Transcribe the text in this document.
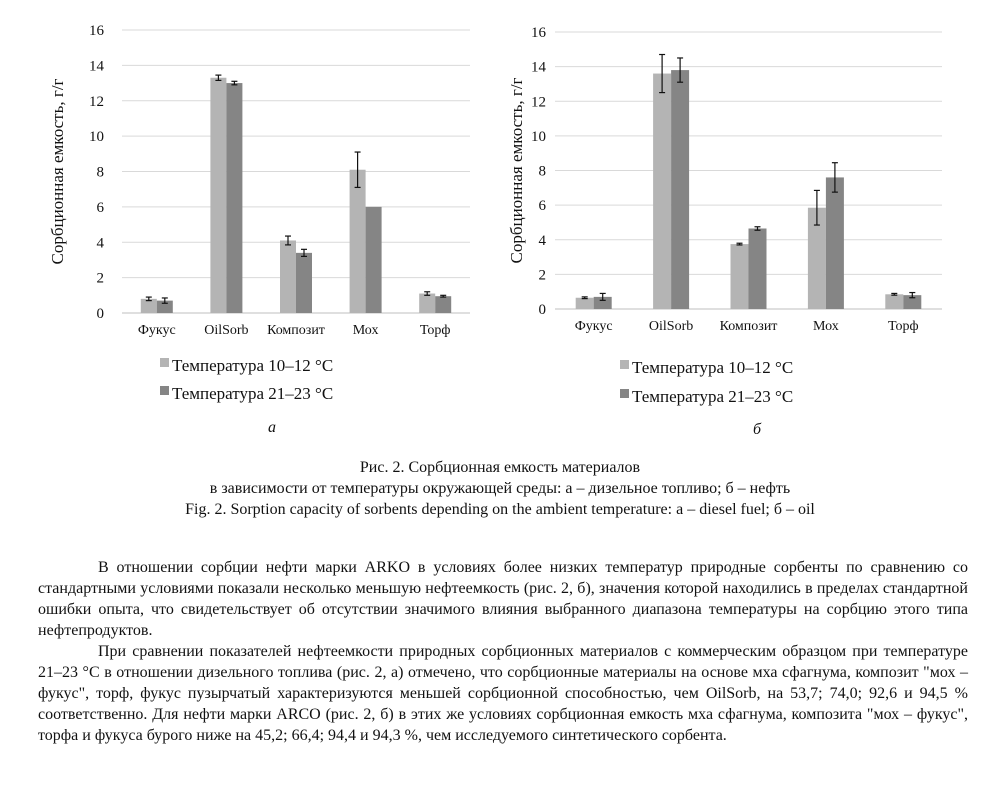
0
2
4
6
8
10
12
14
16
Сорбционная емкость, г/г
Фукус OilSorb Композит Мох	Торф
Температура 10–12 °С
Температура 21–23 °С
а
0
2
4
6
8
10
12
14
16
Сорбционная емкость, г/г
Фукус	OilSorb Композит	Мох	Торф
Температура 10–12 °С
Температура 21–23 °С
б
Рис. 2. Сорбционная емкость материалов
в зависимости от температуры окружающей среды: а – дизельное топливо; б – нефть
Fig. 2. Sorption capacity of sorbents depending on the ambient temperature: а – diesel fuel; б – oil

В отношении сорбции нефти марки ARKO в условиях более низких температур природные сорбенты по сравнению со стандартными условиями показали несколько меньшую нефтеемкость (рис. 2, б), значения которой находились в пределах стандартной ошибки опыта, что свидетельствует об отсутствии значимого влияния выбранного диапазона температуры на сорбцию этого типа нефтепродуктов.

При сравнении показателей нефтеемкости природных сорбционных материалов с коммерческим образцом при температуре 21–23 °С в отношении дизельного топлива (рис. 2, а) отмечено, что сорбционные материалы на основе мха сфагнума, композит "мох – фукус", торф, фукус пузырчатый характеризуются меньшей сорбционной способностью, чем OilSorb, на 53,7; 74,0; 92,6 и 94,5 % соответственно. Для нефти марки ARCO (рис. 2, б) в этих же условиях сорбционная емкость мха сфагнума, композита "мох – фукус", торфа и фукуса бурого ниже на 45,2; 66,4; 94,4 и 94,3 %, чем исследуемого синтетического сорбента.
